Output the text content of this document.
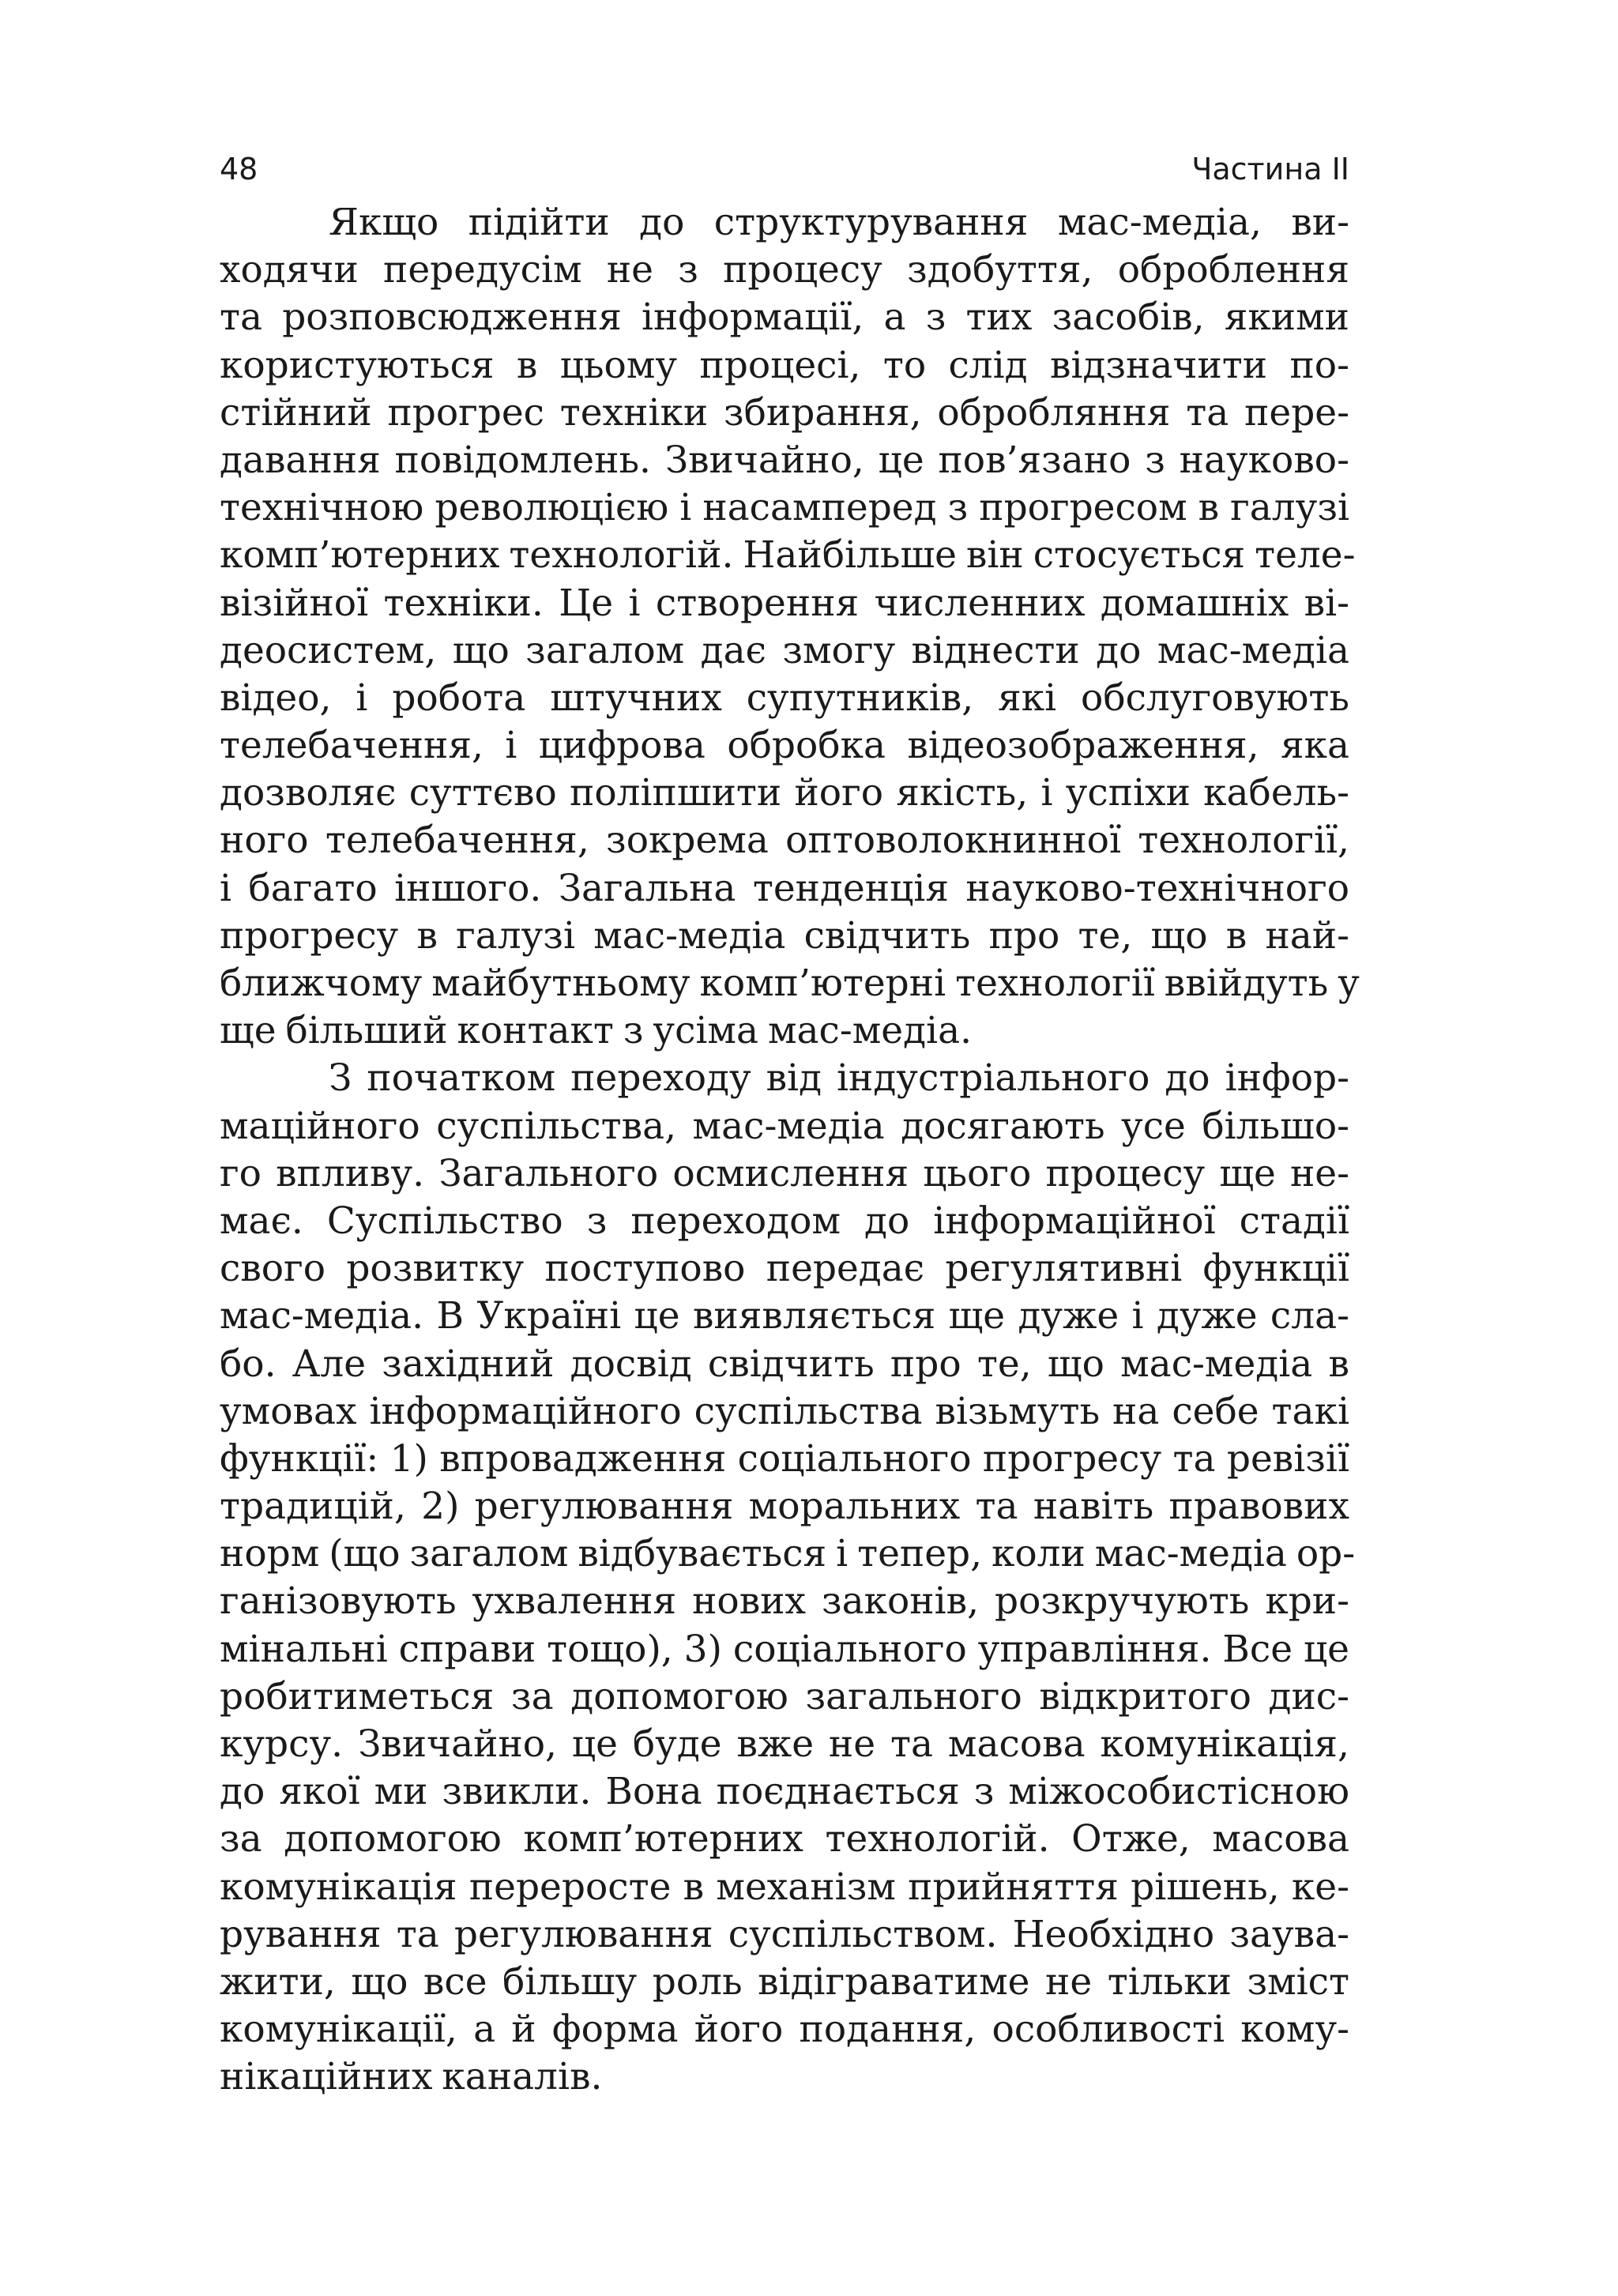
48	Частина II
Якщо підійти до структурування мас-медіа, ви-
ходячи передусім не з процесу здобуття, оброблення
та розповсюдження інформації, а з тих засобів, якими
користуються в цьому процесі, то слід відзначити по-
стійний прогрес техніки збирання, обробляння та пере-
давання повідомлень. Звичайно, це пов’язано з науково-
технічною революцією і насамперед з прогресом в галузі
комп’ютерних технологій. Найбільше він стосується теле-
візійної техніки. Це і створення численних домашніх ві-
деосистем, що загалом дає змогу віднести до мас-медіа
відео, і робота штучних супутників, які обслуговують
телебачення, і цифрова обробка відеозображення, яка
дозволяє суттєво поліпшити його якість, і успіхи кабель-
ного телебачення, зокрема оптоволокнинної технології,
і багато іншого. Загальна тенденція науково-технічного
прогресу в галузі мас-медіа свідчить про те, що в най-
ближчому майбутньому комп’ютерні технології ввійдуть у
ще більший контакт з усіма мас-медіа.
З початком переходу від індустріального до інфор-
маційного суспільства, мас-медіа досягають усе більшо-
го впливу. Загального осмислення цього процесу ще не-
має. Суспільство з переходом до інформаційної стадії
свого розвитку поступово передає регулятивні функції
мас-медіа. В Україні це виявляється ще дуже і дуже сла-
бо. Але західний досвід свідчить про те, що мас-медіа в
умовах інформаційного суспільства візьмуть на себе такі
функції: 1) впровадження соціального прогресу та ревізії
традицій, 2) регулювання моральних та навіть правових
норм (що загалом відбувається і тепер, коли мас-медіа ор-
ганізовують ухвалення нових законів, розкручують кри-
мінальні справи тощо), 3) соціального управління. Все це
робитиметься за допомогою загального відкритого дис-
курсу. Звичайно, це буде вже не та масова комунікація,
до якої ми звикли. Вона поєднається з міжособистісною
за допомогою комп’ютерних технологій. Отже, масова
комунікація переросте в механізм прийняття рішень, ке-
рування та регулювання суспільством. Необхідно заува-
жити, що все більшу роль відіграватиме не тільки зміст
комунікації, а й форма його подання, особливості кому-
нікаційних каналів.
